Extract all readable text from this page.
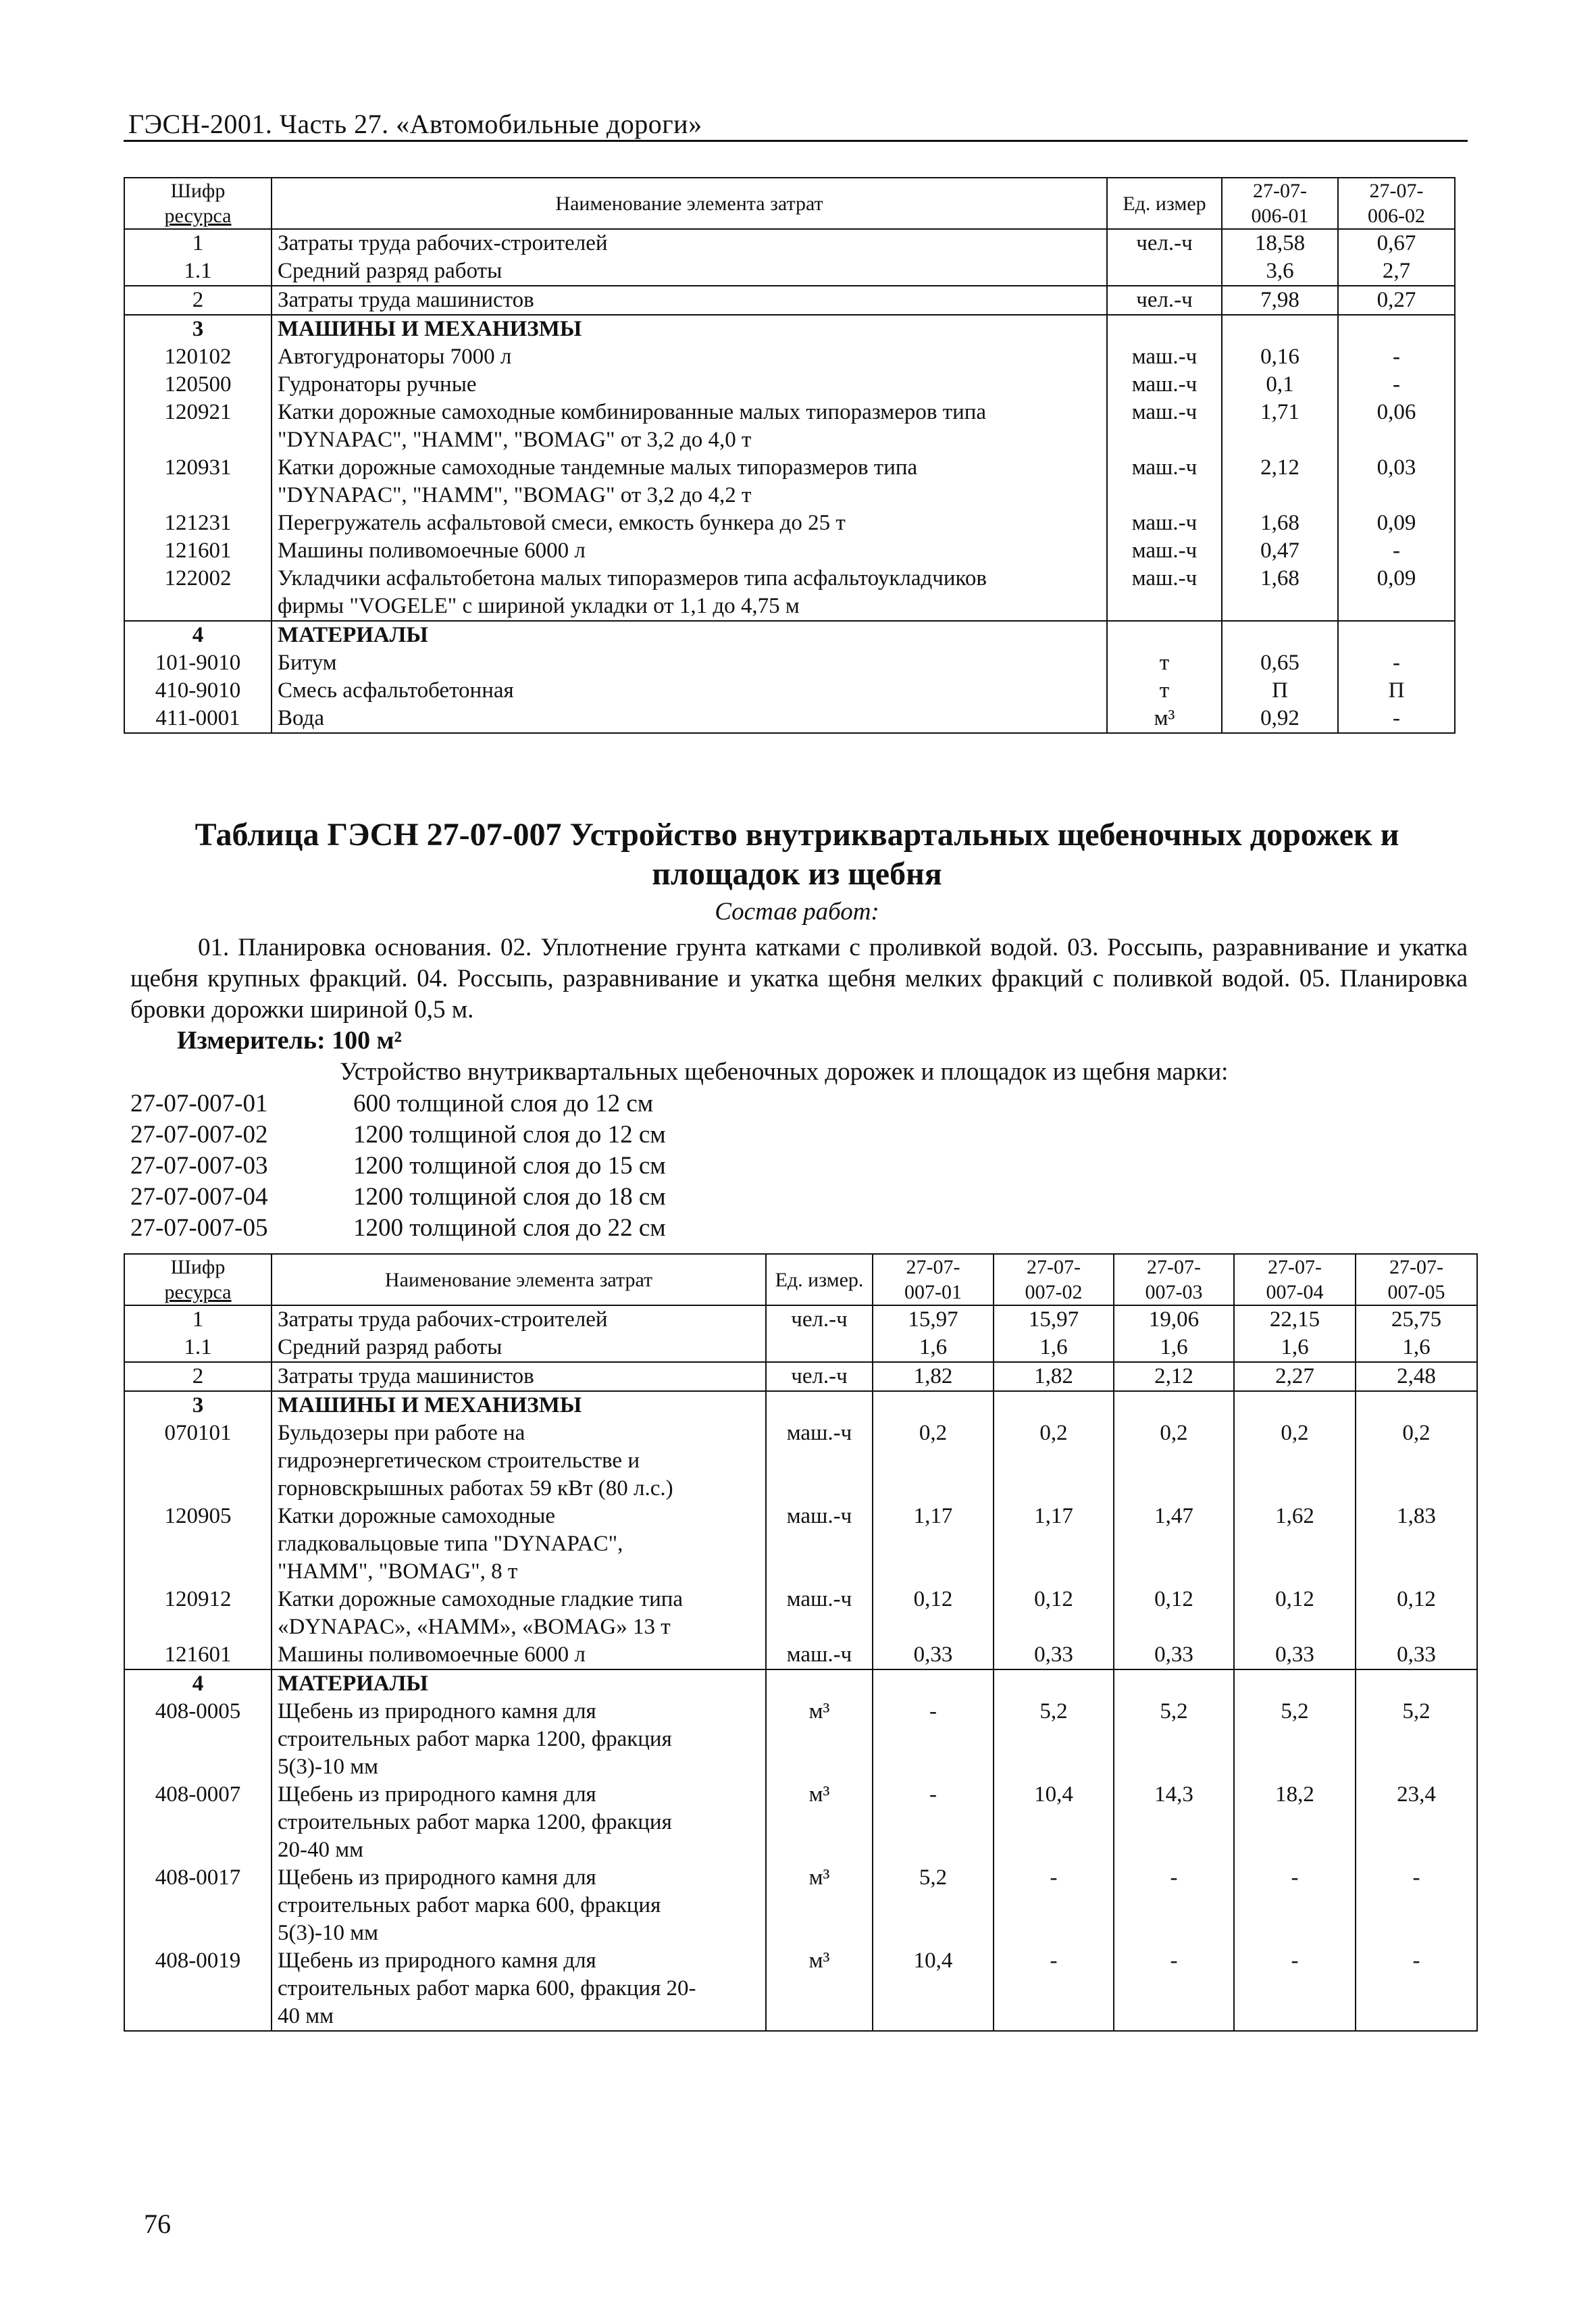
ГЭСН-2001. Часть 27. «Автомобильные дороги»
Шифр
ресурса	Наименование элемента затрат	Ед. измер	27-07-
006-01	27-07-
006-02

1	Затраты труда рабочих-строителей	чел.-ч	18,58	0,67
1.1	Средний разряд работы		3,6	2,7
2	Затраты труда машинистов	чел.-ч	7,98	0,27
3	МАШИНЫ И МЕХАНИЗМЫ			

120102	Автогудронаторы 7000 л	маш.-ч	0,16	-
120500	Гудронаторы ручные	маш.-ч	0,1	-
120921	Катки дорожные самоходные комбинированные малых типоразмеров типа
"DYNAPAC", "HAMM", "BOMAG" от 3,2 до 4,0 т	маш.-ч	1,71	0,06
120931	Катки дорожные самоходные тандемные малых типоразмеров типа
"DYNAPAC", "HAMM", "BOMAG" от 3,2 до 4,2 т	маш.-ч	2,12	0,03
121231	Перегружатель асфальтовой смеси, емкость бункера до 25 т	маш.-ч	1,68	0,09
121601	Машины поливомоечные 6000 л	маш.-ч	0,47	-
122002	Укладчики асфальтобетона малых типоразмеров типа асфальтоукладчиков
фирмы "VOGELE" с шириной укладки от 1,1 до 4,75 м	маш.-ч	1,68	0,09
4	МАТЕРИАЛЫ			

101-9010	Битум	т	0,65	-
410-9010	Смесь асфальтобетонная	т	П	П
411-0001	Вода	м³	0,92	-
Таблица ГЭСН 27-07-007 Устройство внутриквартальных щебеночных дорожек и
площадок из щебня
Состав работ:
01. Планировка основания. 02. Уплотнение грунта катками с проливкой водой. 03. Россыпь, разравнивание и укатка щебня крупных фракций. 04. Россыпь, разравнивание и укатка щебня мелких фракций с поливкой водой. 05. Планировка бровки дорожки шириной 0,5 м.
Измеритель: 100 м²
Устройство внутриквартальных щебеночных дорожек и площадок из щебня марки:
27-07-007-01	600 толщиной слоя до 12 см
27-07-007-02	1200 толщиной слоя до 12 см
27-07-007-03	1200 толщиной слоя до 15 см
27-07-007-04	1200 толщиной слоя до 18 см
27-07-007-05	1200 толщиной слоя до 22 см
Шифр
ресурса	Наименование элемента затрат	Ед. измер.	27-07-
007-01	27-07-
007-02	27-07-
007-03	27-07-
007-04	27-07-
007-05

1	Затраты труда рабочих-строителей	чел.-ч	15,97	15,97	19,06	22,15	25,75
1.1	Средний разряд работы		1,6	1,6	1,6	1,6	1,6
2	Затраты труда машинистов	чел.-ч	1,82	1,82	2,12	2,27	2,48
3	МАШИНЫ И МЕХАНИЗМЫ						

070101	Бульдозеры при работе на
гидроэнергетическом строительстве и
горновскрышных работах 59 кВт (80 л.с.)	маш.-ч	0,2	0,2	0,2	0,2	0,2
120905	Катки дорожные самоходные
гладковальцовые типа "DYNAPAC",
"HAMM", "BOMAG", 8 т	маш.-ч	1,17	1,17	1,47	1,62	1,83
120912	Катки дорожные самоходные гладкие типа
«DYNAPAC», «HAMM», «BOMAG» 13 т	маш.-ч	0,12	0,12	0,12	0,12	0,12
121601	Машины поливомоечные 6000 л	маш.-ч	0,33	0,33	0,33	0,33	0,33
4	МАТЕРИАЛЫ						

408-0005	Щебень из природного камня для
строительных работ марка 1200, фракция
5(3)-10 мм	м³	-	5,2	5,2	5,2	5,2
408-0007	Щебень из природного камня для
строительных работ марка 1200, фракция
20-40 мм	м³	-	10,4	14,3	18,2	23,4
408-0017	Щебень из природного камня для
строительных работ марка 600, фракция
5(3)-10 мм	м³	5,2	-	-	-	-
408-0019	Щебень из природного камня для
строительных работ марка 600, фракция 20-
40 мм	м³	10,4	-	-	-	-
76
